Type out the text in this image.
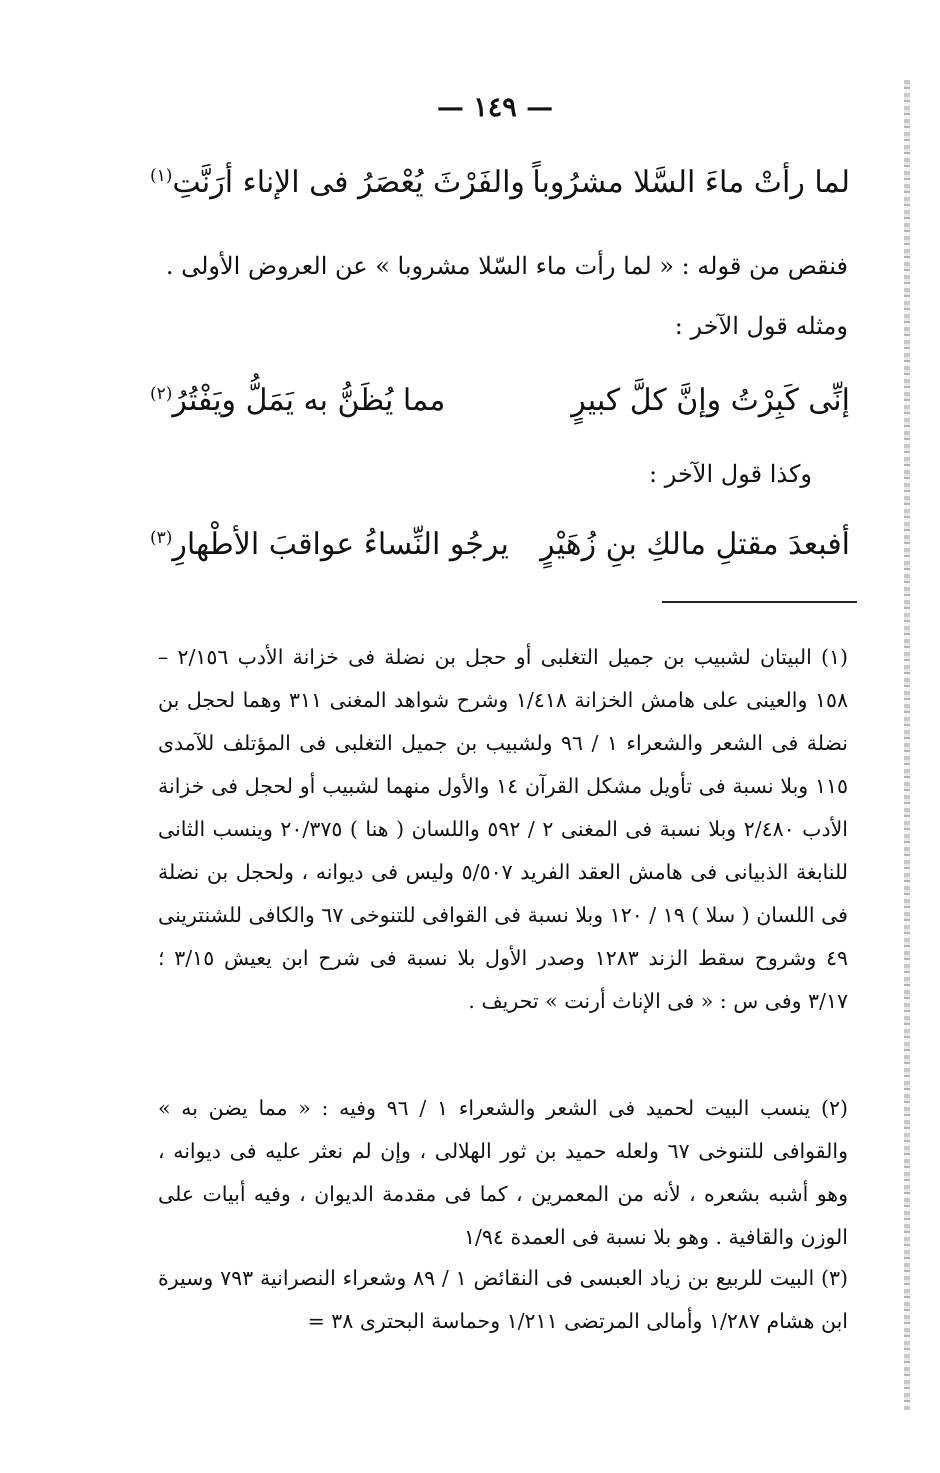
— ١٤٩ —
لما رأتْ ماءَ السَّلا مشرُوباً
والفَرْثَ يُعْصَرُ فى الإناء أرَنَّتِ$^{(١)}$
فنقص من قوله : « لما رأت ماء السّلا مشروبا » عن العروض الأولى .
ومثله قول الآخر :
إنِّى كَبِرْتُ وإنَّ كلَّ كبيرٍ
مما يُظَنُّ به يَمَلُّ ويَفْتُرُ$^{(٢)}$
وكذا قول الآخر :
أفبعدَ مقتلِ مالكِ بنِ زُهَيْرٍ
يرجُو النِّساءُ عواقبَ الأطْهارِ$^{(٣)}$
(١) البيتان لشبيب بن جميل التغلبى أو حجل بن نضلة فى خزانة الأدب ٢/١٥٦ – ١٥٨ والعينى على هامش الخزانة ١/٤١٨ وشرح شواهد المغنى ٣١١ وهما لحجل بن نضلة فى الشعر والشعراء ١ / ٩٦ ولشبيب بن جميل التغلبى فى المؤتلف للآمدى ١١٥ وبلا نسبة فى تأويل مشكل القرآن ١٤ والأول منهما لشبيب أو لحجل فى خزانة الأدب ٢/٤٨٠ وبلا نسبة فى المغنى ٢ / ٥٩٢ واللسان ( هنا ) ٢٠/٣٧٥ وينسب الثانى للنابغة الذبيانى فى هامش العقد الفريد ٥/٥٠٧ وليس فى ديوانه ، ولحجل بن نضلة فى اللسان ( سلا ) ١٩ / ١٢٠ وبلا نسبة فى القوافى للتنوخى ٦٧ والكافى للشنترينى ٤٩ وشروح سقط الزند ١٢٨٣ وصدر الأول بلا نسبة فى شرح ابن يعيش ٣/١٥ ؛ ٣/١٧ وفى س : « فى الإناث أرنت » تحريف .
(٢) ينسب البيت لحميد فى الشعر والشعراء ١ / ٩٦ وفيه : « مما يضن به » والقوافى للتنوخى ٦٧ ولعله حميد بن ثور الهلالى ، وإن لم نعثر عليه فى ديوانه ، وهو أشبه بشعره ، لأنه من المعمرين ، كما فى مقدمة الديوان ، وفيه أبيات على الوزن والقافية . وهو بلا نسبة فى العمدة ١/٩٤
(٣) البيت للربيع بن زياد العبسى فى النقائض ١ / ٨٩ وشعراء النصرانية ٧٩٣ وسيرة ابن هشام ١/٢٨٧ وأمالى المرتضى ١/٢١١ وحماسة البحترى ٣٨ =
